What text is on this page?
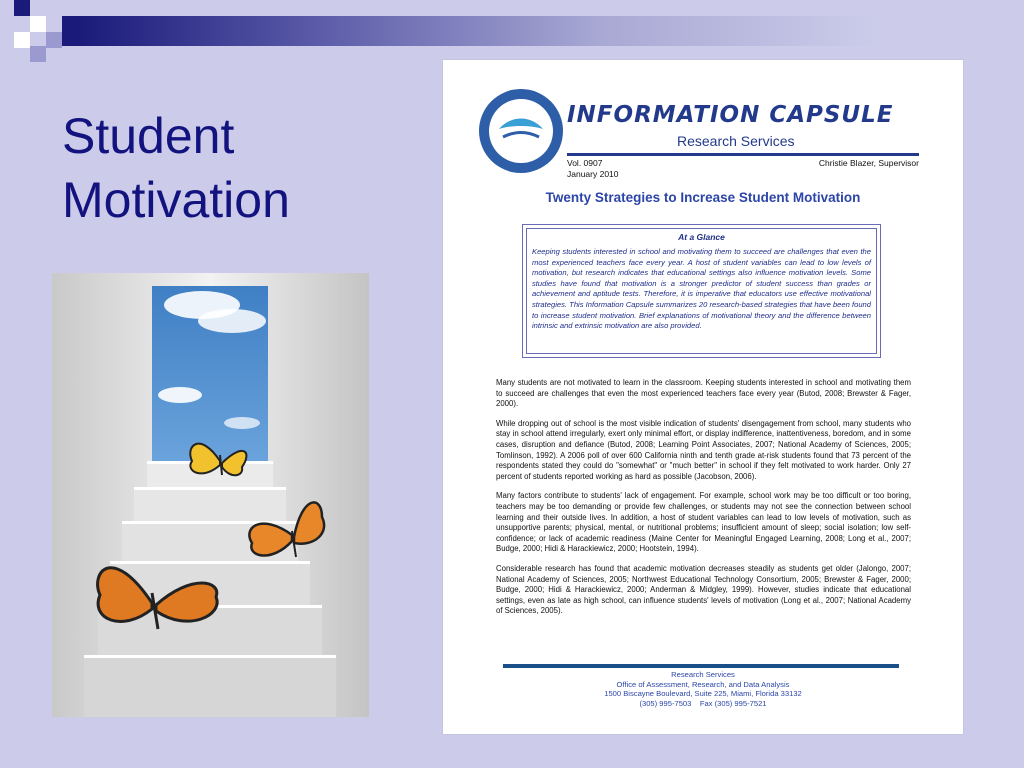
Student
Motivation
INFORMATION CAPSULE
Research Services
Vol. 0907
January 2010
Christie Blazer, Supervisor
Twenty Strategies to Increase Student Motivation
At a Glance
Keeping students interested in school and motivating them to succeed are challenges that even the most experienced teachers face every year. A host of student variables can lead to low levels of motivation, but research indicates that educational settings also influence motivation levels. Some studies have found that motivation is a stronger predictor of student success than grades or achievement and aptitude tests. Therefore, it is imperative that educators use effective motivational strategies. This Information Capsule summarizes 20 research-based strategies that have been found to increase student motivation. Brief explanations of motivational theory and the difference between intrinsic and extrinsic motivation are also provided.

Many students are not motivated to learn in the classroom. Keeping students interested in school and motivating them to succeed are challenges that even the most experienced teachers face every year (Butod, 2008; Brewster & Fager, 2000).

While dropping out of school is the most visible indication of students' disengagement from school, many students who stay in school attend irregularly, exert only minimal effort, or display indifference, inattentiveness, boredom, and in some cases, disruption and defiance (Butod, 2008; Learning Point Associates, 2007; National Academy of Sciences, 2005; Tomlinson, 1992). A 2006 poll of over 600 California ninth and tenth grade at-risk students found that 73 percent of the respondents stated they could do "somewhat" or "much better" in school if they felt motivated to work harder. Only 27 percent of students reported working as hard as possible (Jacobson, 2006).

Many factors contribute to students' lack of engagement. For example, school work may be too difficult or too boring, teachers may be too demanding or provide few challenges, or students may not see the connection between school learning and their outside lives. In addition, a host of student variables can lead to low levels of motivation, such as unsupportive parents; physical, mental, or nutritional problems; insufficient amount of sleep; social isolation; low self-confidence; or lack of academic readiness (Maine Center for Meaningful Engaged Learning, 2008; Long et al., 2007; Budge, 2000; Hidi & Harackiewicz, 2000; Hootstein, 1994).

Considerable research has found that academic motivation decreases steadily as students get older (Jalongo, 2007; National Academy of Sciences, 2005; Northwest Educational Technology Consortium, 2005; Brewster & Fager, 2000; Budge, 2000; Hidi & Harackiewicz, 2000; Anderman & Midgley, 1999). However, studies indicate that educational settings, even as late as high school, can influence students' levels of motivation (Long et al., 2007; National Academy of Sciences, 2005).

Research Services
Office of Assessment, Research, and Data Analysis
1500 Biscayne Boulevard, Suite 225, Miami, Florida 33132
(305) 995-7503    Fax (305) 995-7521
